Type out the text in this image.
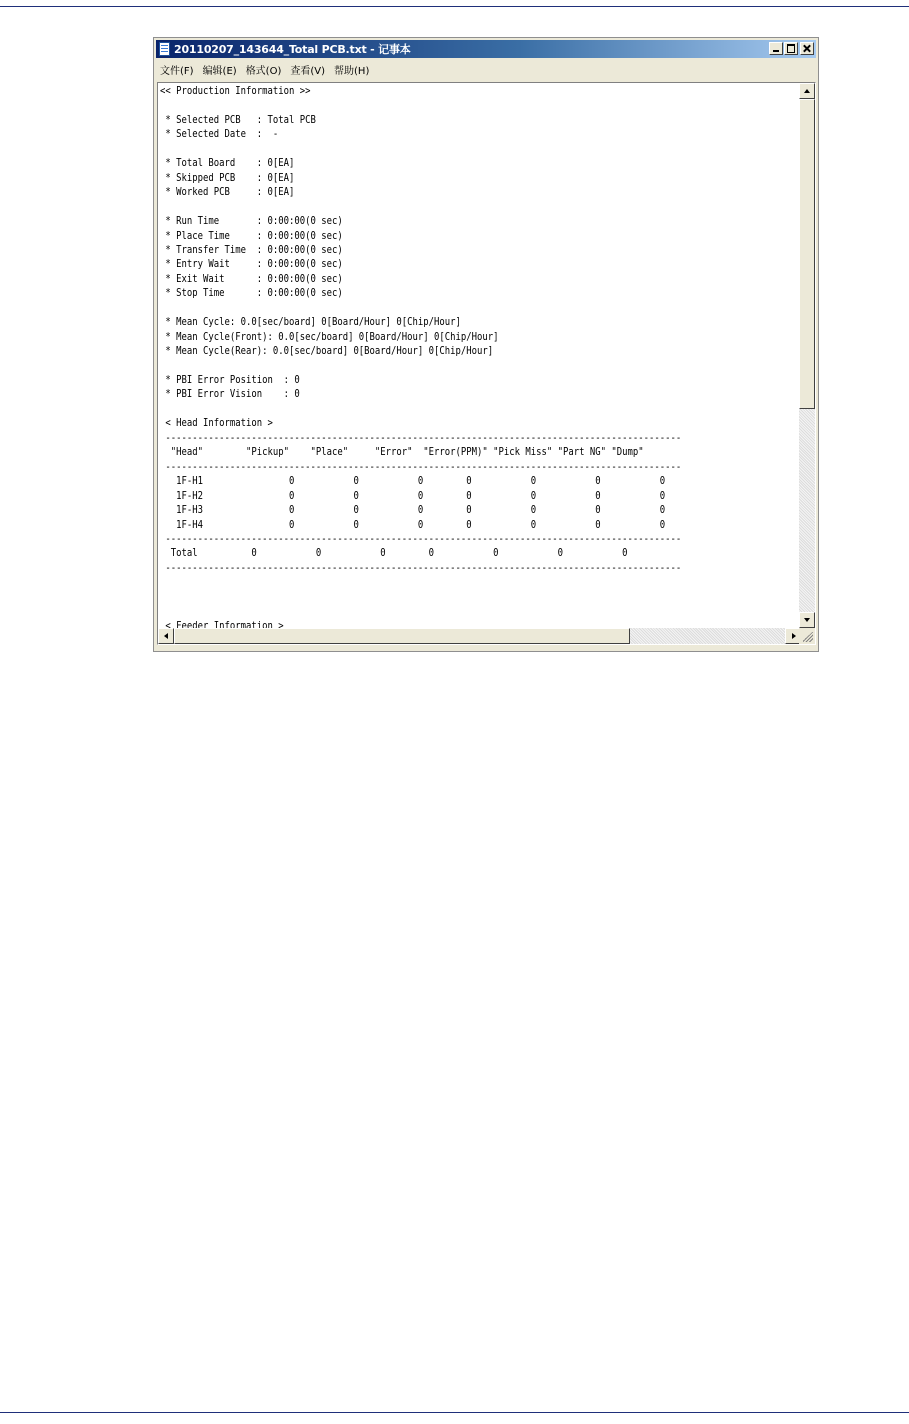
20110207_143644_Total PCB.txt - 记事本
文件(F) 编辑(E) 格式(O) 查看(V) 帮助(H)
<< Production Information >>
* Selected PCB   : Total PCB
* Selected Date  :  -
* Total Board    : 0[EA]
* Skipped PCB    : 0[EA]
* Worked PCB     : 0[EA]
* Run Time       : 0:00:00(0 sec)
* Place Time     : 0:00:00(0 sec)
* Transfer Time  : 0:00:00(0 sec)
* Entry Wait     : 0:00:00(0 sec)
* Exit Wait      : 0:00:00(0 sec)
* Stop Time      : 0:00:00(0 sec)
* Mean Cycle: 0.0[sec/board] 0[Board/Hour] 0[Chip/Hour]
* Mean Cycle(Front): 0.0[sec/board] 0[Board/Hour] 0[Chip/Hour]
* Mean Cycle(Rear): 0.0[sec/board] 0[Board/Hour] 0[Chip/Hour]
* PBI Error Position  : 0
* PBI Error Vision    : 0
< Head Information >
------------------------------------------------------------------------------------------------
"Head"        "Pickup"    "Place"     "Error"  "Error(PPM)" "Pick Miss" "Part NG" "Dump"
------------------------------------------------------------------------------------------------
1F-H1                0           0           0        0           0           0           0
1F-H2                0           0           0        0           0           0           0
1F-H3                0           0           0        0           0           0           0
1F-H4                0           0           0        0           0           0           0
------------------------------------------------------------------------------------------------
Total          0           0           0        0           0           0           0
------------------------------------------------------------------------------------------------
< Feeder Information >
